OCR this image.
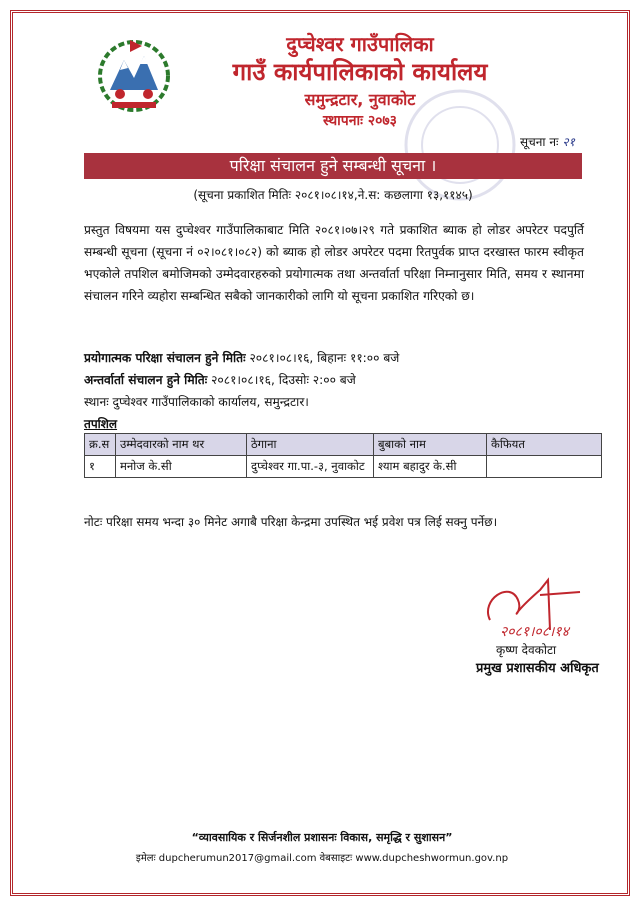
दुप्चेश्वर गाउँपालिका
गाउँ कार्यपालिकाको कार्यालय
समुन्द्रटार, नुवाकोट
स्थापनाः २०७३
सूचना नः २१
परिक्षा संचालन हुने सम्बन्धी सूचना ।
(सूचना प्रकाशित मितिः २०८१।०८।१४,ने.स: कछलागा १३,११४५)
प्रस्तुत विषयमा यस दुप्चेश्वर गाउँपालिकाबाट मिति २०८१।०७।२९ गते प्रकाशित ब्याक हो लोडर अपरेटर पदपुर्ति सम्बन्धी सूचना (सूचना नं ०२।०८१।०८२) को ब्याक हो लोडर अपरेटर पदमा रितपुर्वक प्राप्त दरखास्त फारम स्वीकृत भएकोले तपशिल बमोजिमको उम्मेदवारहरुको प्रयोगात्मक तथा अन्तर्वार्ता परिक्षा निम्नानुसार मिति, समय र स्थानमा संचालन गरिने व्यहोरा सम्बन्धित सबैको जानकारीको लागि यो सूचना प्रकाशित गरिएको छ।
प्रयोगात्मक परिक्षा संचालन हुने मितिः २०८१।०८।१६, बिहानः ११:०० बजे
अन्तर्वार्ता संचालन हुने मितिः २०८१।०८।१६, दिउसोः २:०० बजे
स्थानः दुप्चेश्वर गाउँपालिकाको कार्यालय, समुन्द्रटार।
तपशिल
क्र.स	उम्मेदवारको नाम थर	ठेगाना	बुबाको नाम	कैफियत
१	मनोज के.सी	दुप्चेश्वर गा.पा.-३, नुवाकोट	श्याम बहादुर के.सी	
नोटः परिक्षा समय भन्दा ३० मिनेट अगाबै परिक्षा केन्द्रमा उपस्थित भई प्रवेश पत्र लिई सक्नु पर्नेछ।
२०८१।०८।१४
कृष्ण देवकोटा
प्रमुख प्रशासकीय अधिकृत
“व्यावसायिक र सिर्जनशील प्रशासनः विकास, समृद्धि र सुशासन”
इमेलः dupcherumun2017@gmail.com वेबसाइटः www.dupcheshwormun.gov.np
